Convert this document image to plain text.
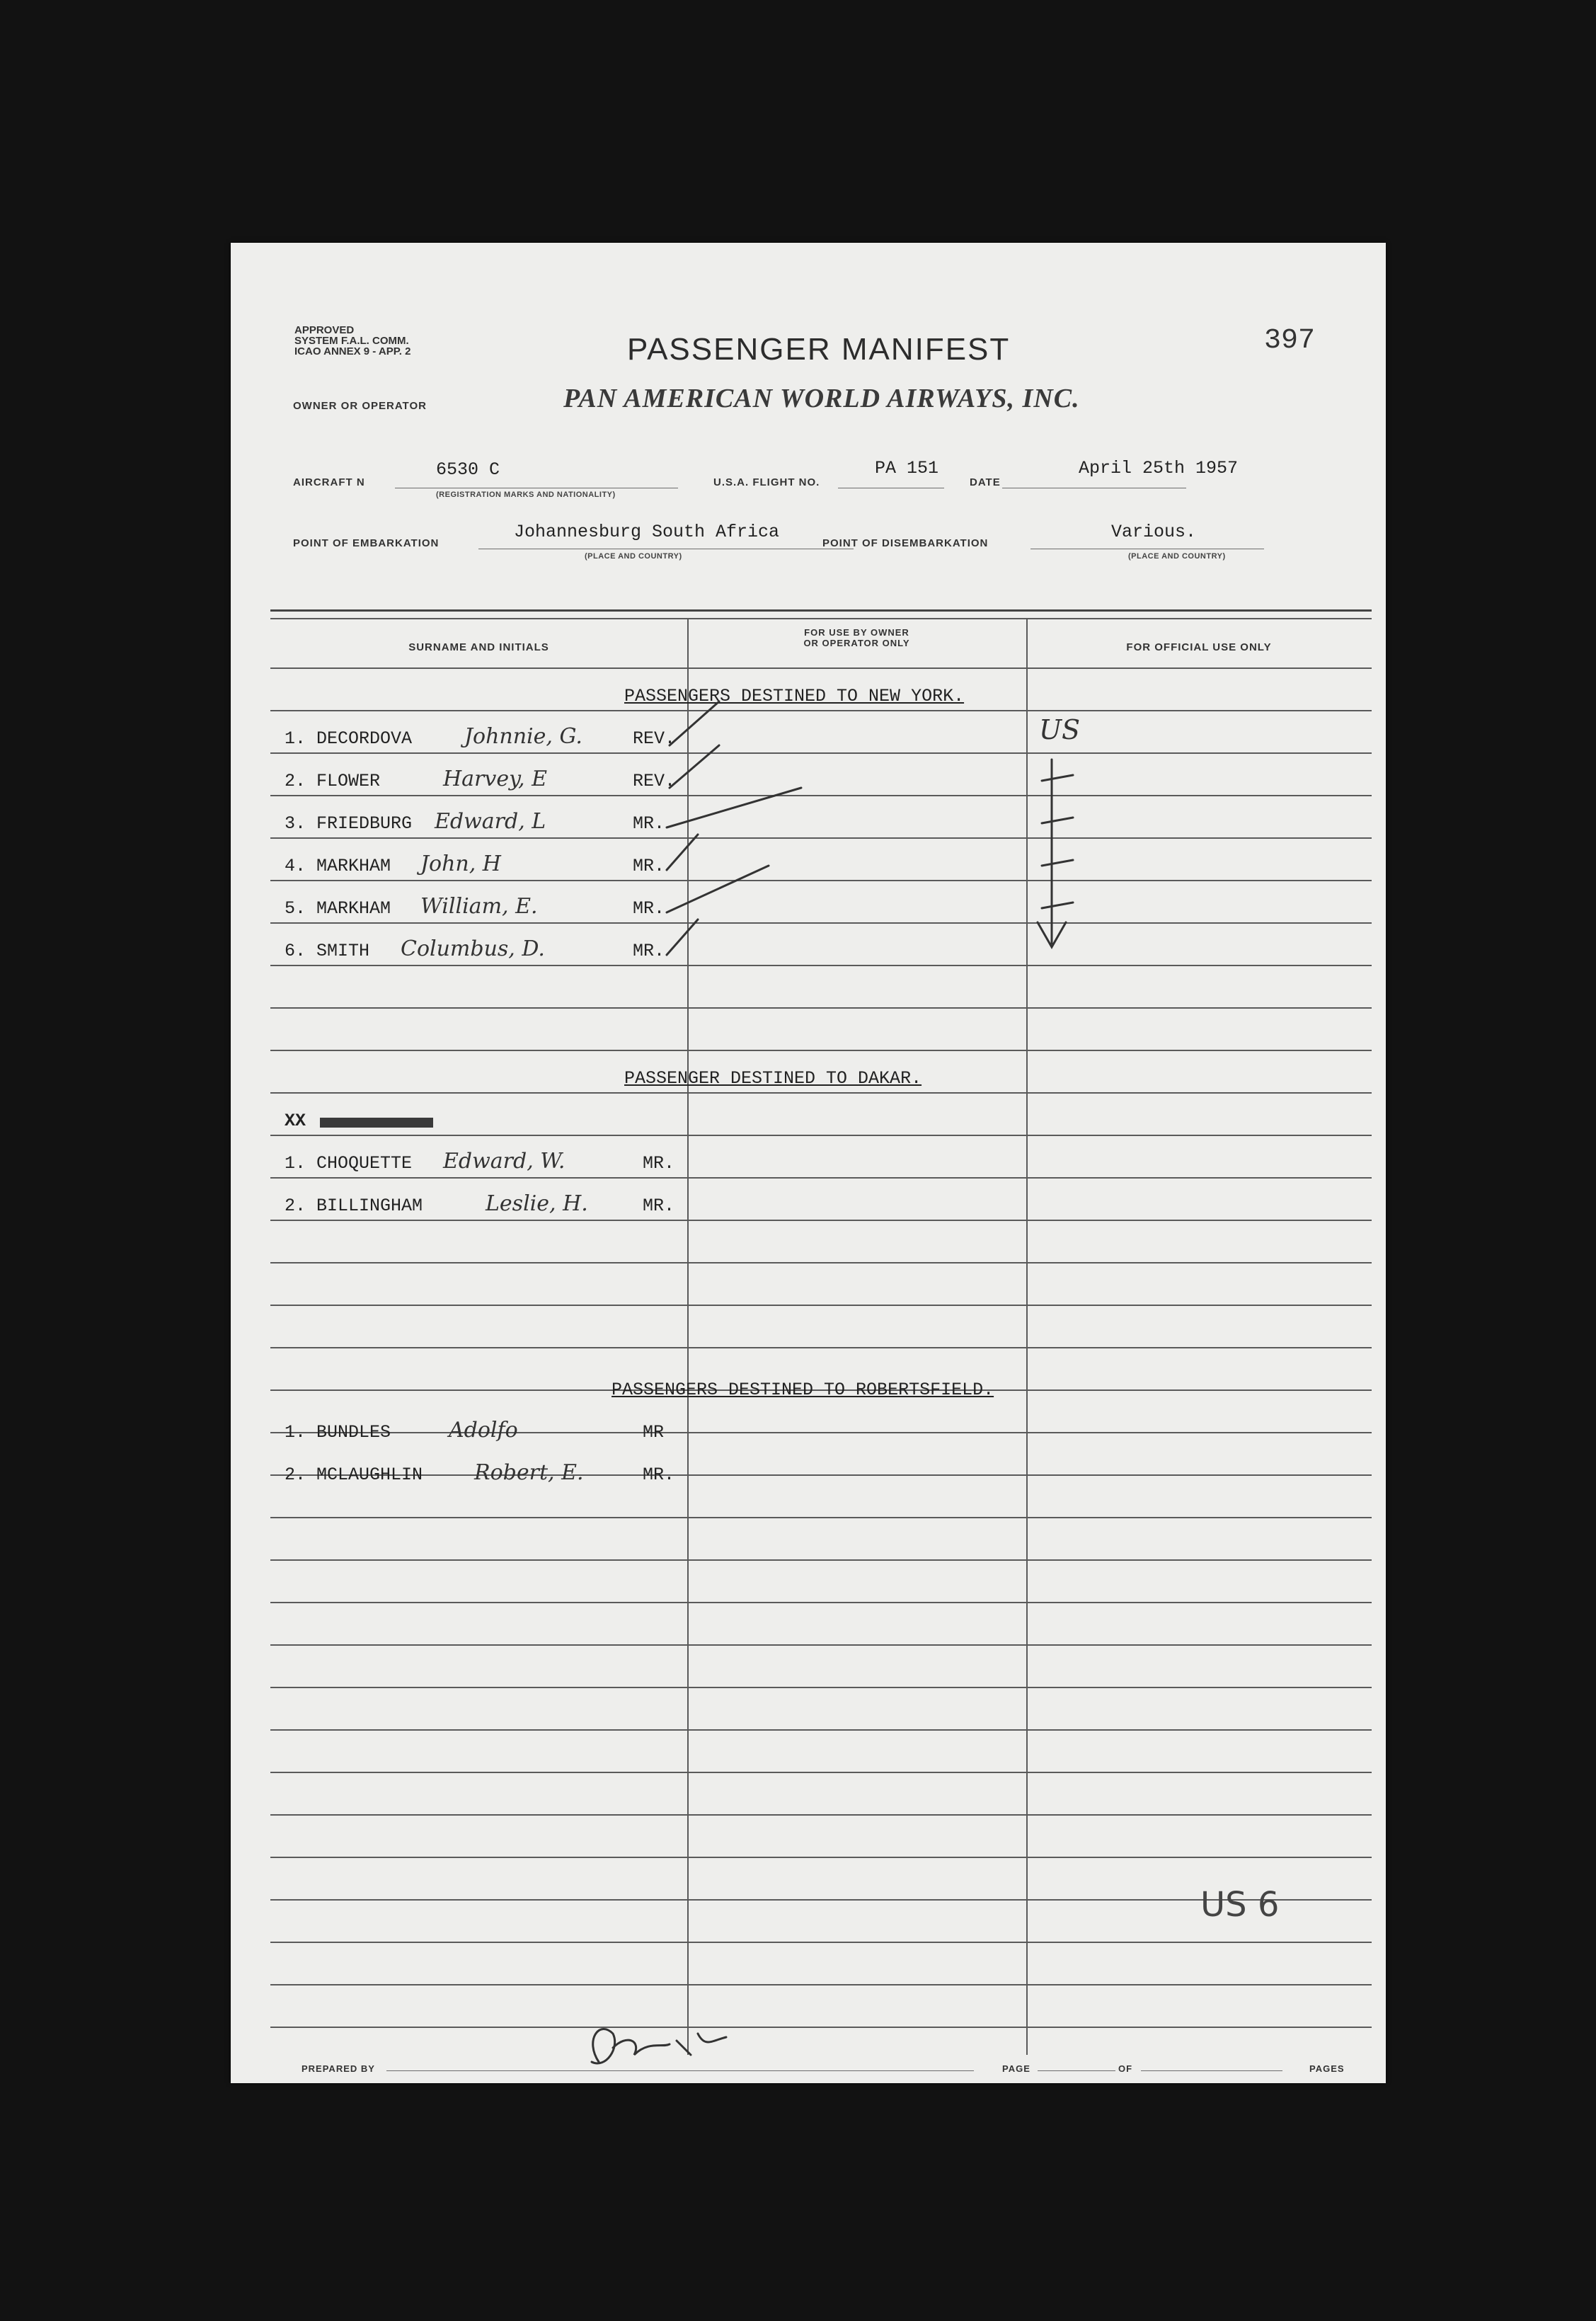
APPROVED
SYSTEM F.A.L. COMM.
ICAO ANNEX 9 - APP. 2	PASSENGER MANIFEST	397
OWNER OR OPERATOR	PAN AMERICAN WORLD AIRWAYS, INC.
AIRCRAFT N
6530 C
(REGISTRATION MARKS AND NATIONALITY)
U.S.A. FLIGHT NO.
PA 151
DATE
April 25th 1957
POINT OF EMBARKATION
Johannesburg South Africa
(PLACE AND COUNTRY)
POINT OF DISEMBARKATION
Various.
(PLACE AND COUNTRY)
SURNAME AND INITIALS
FOR USE BY OWNER
OR OPERATOR ONLY	FOR OFFICIAL USE ONLY
PASSENGERS DESTINED TO NEW YORK.
1. DECORDOVA Johnnie, G.	REV.
2. FLOWER	Harvey, E	REV.
3. FRIEDBURG Edward, L	MR.
4. MARKHAM John, H	MR.
5. MARKHAM William, E.	MR.
6. SMITH Columbus, D.	MR.
PASSENGER DESTINED TO DAKAR.
XX
1. CHOQUETTE Edward, W.	MR.
2. BILLINGHAM	Leslie, H.	MR.
PASSENGERS DESTINED TO ROBERTSFIELD.
1. BUNDLES	Adolfo	MR
2. MCLAUGHLIN Robert, E.	MR.
US
US 6
PREPARED BY	PAGE	OF	PAGES
